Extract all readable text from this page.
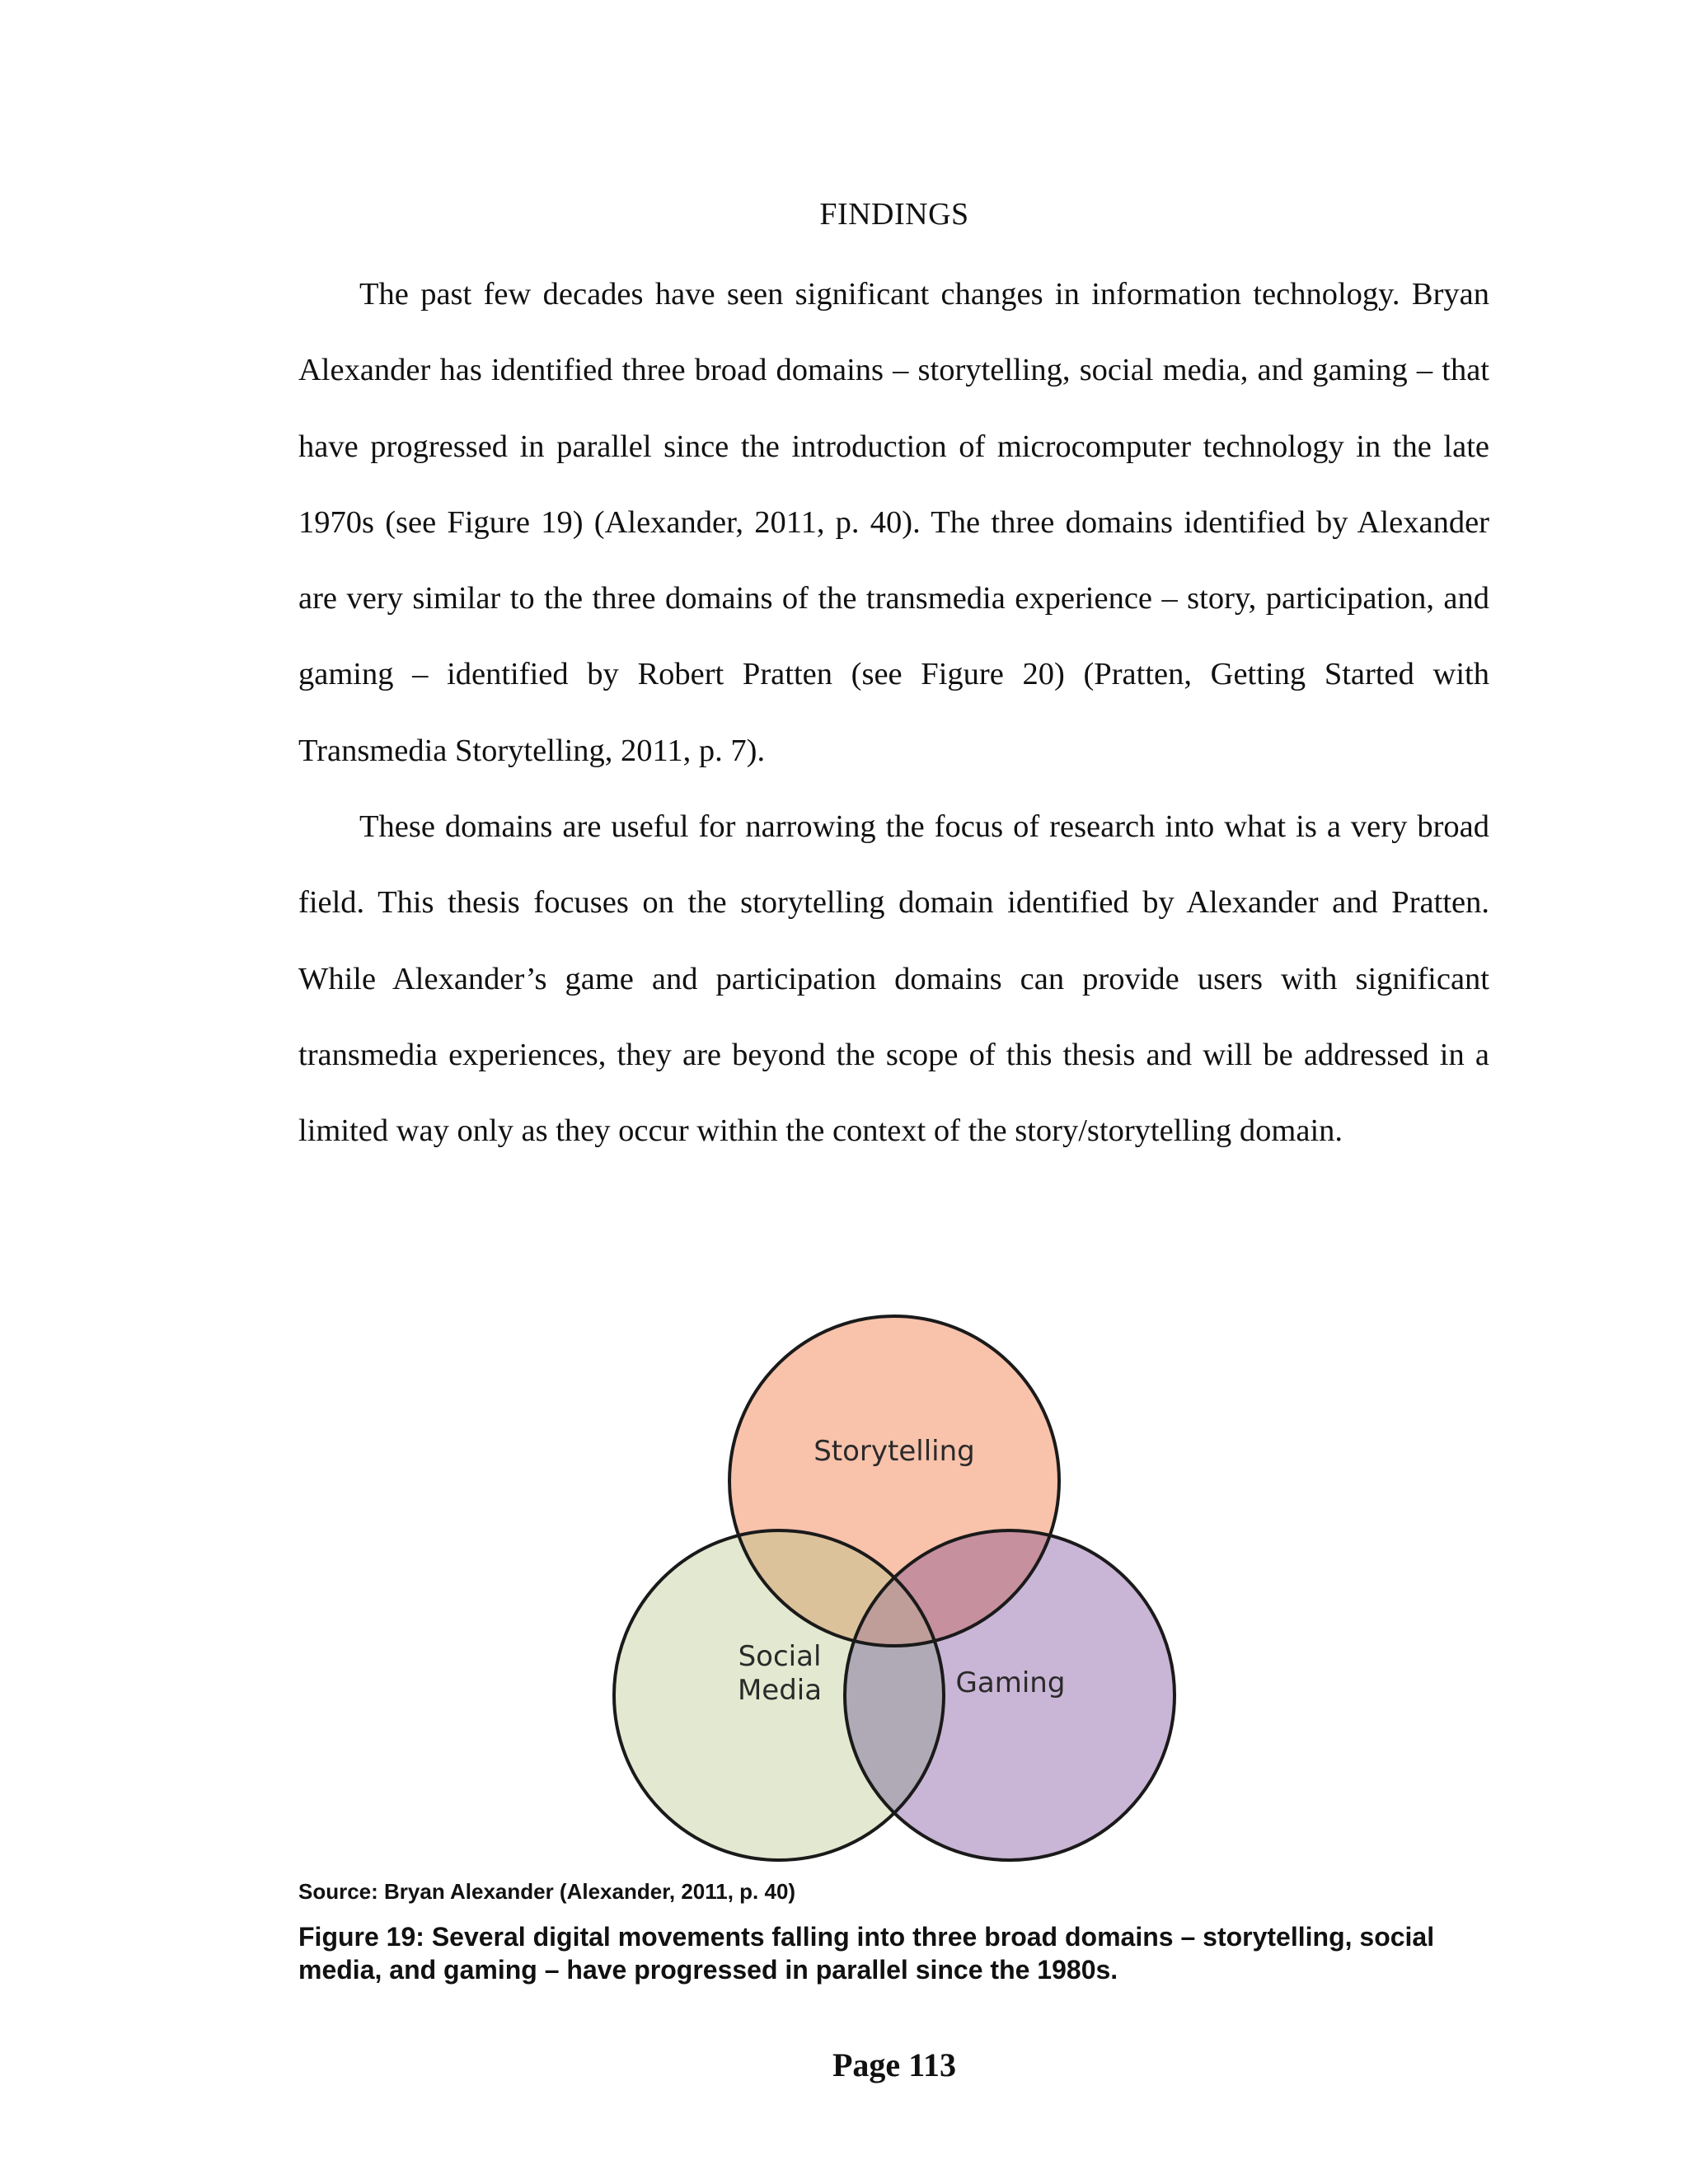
FINDINGS

The past few decades have seen significant changes in information technology. Bryan Alexander has identified three broad domains – storytelling, social media, and gaming – that have progressed in parallel since the introduction of microcomputer technology in the late 1970s (see Figure 19) (Alexander, 2011, p. 40). The three domains identified by Alexander are very similar to the three domains of the transmedia experience – story, participation, and gaming – identified by Robert Pratten (see Figure 20) (Pratten, Getting Started with Transmedia Storytelling, 2011, p. 7).

These domains are useful for narrowing the focus of research into what is a very broad field. This thesis focuses on the storytelling domain identified by Alexander and Pratten. While Alexander’s game and participation domains can provide users with significant transmedia experiences, they are beyond the scope of this thesis and will be addressed in a limited way only as they occur within the context of the story/storytelling domain.

Storytelling
Social
Media	Gaming
Source: Bryan Alexander (Alexander, 2011, p. 40)
Figure 19: Several digital movements falling into three broad domains – storytelling, social media, and gaming – have progressed in parallel since the 1980s.
Page 113
